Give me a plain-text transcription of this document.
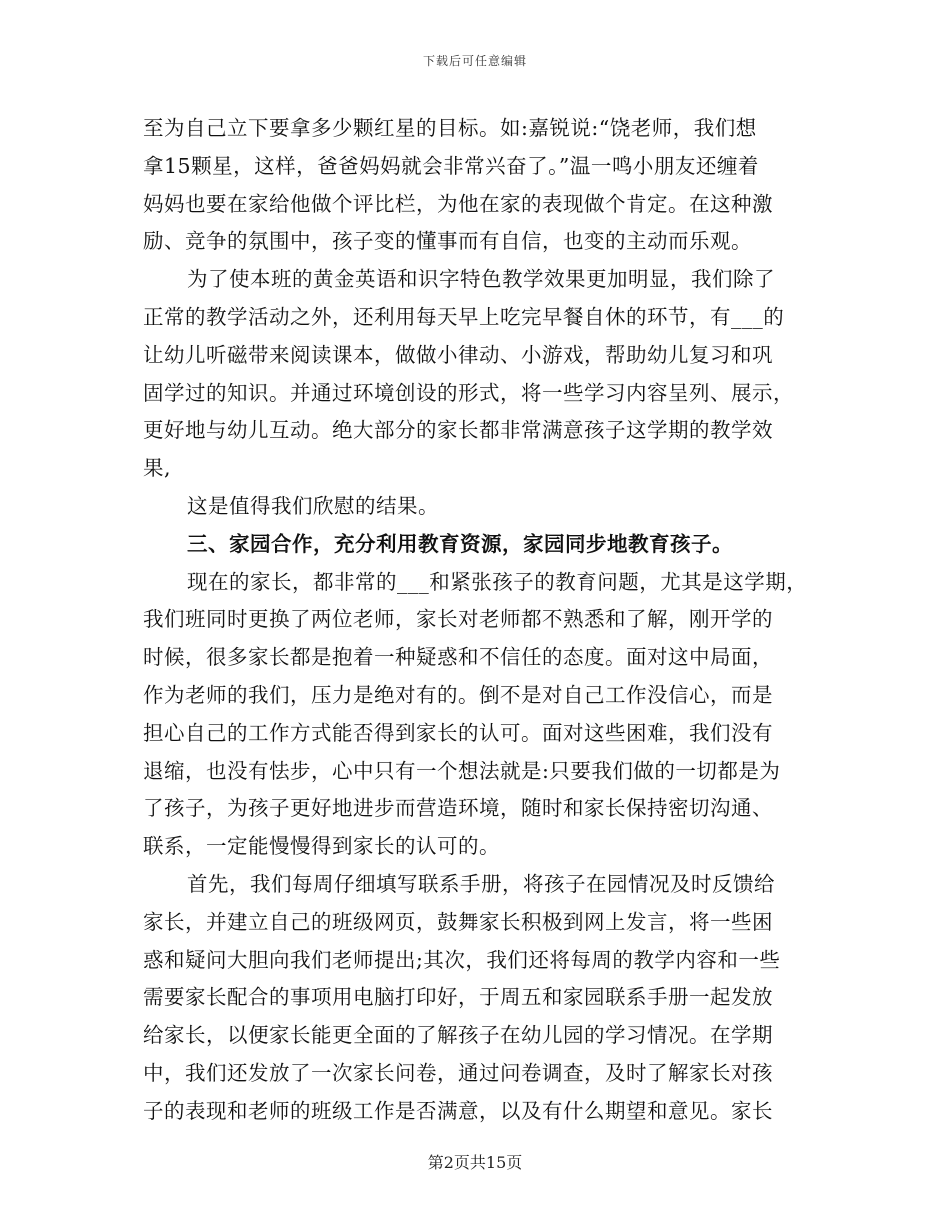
下载后可任意编辑
至为自己立下要拿多少颗红星的目标。如:嘉锐说:“饶老师，我们想
拿15颗星，这样，爸爸妈妈就会非常兴奋了。”温一鸣小朋友还缠着
妈妈也要在家给他做个评比栏，为他在家的表现做个肯定。在这种激
励、竞争的氛围中，孩子变的懂事而有自信，也变的主动而乐观。
为了使本班的黄金英语和识字特色教学效果更加明显，我们除了
正常的教学活动之外，还利用每天早上吃完早餐自休的环节，有___的
让幼儿听磁带来阅读课本，做做小律动、小游戏，帮助幼儿复习和巩
固学过的知识。并通过环境创设的形式，将一些学习内容呈列、展示，
更好地与幼儿互动。绝大部分的家长都非常满意孩子这学期的教学效
果,
这是值得我们欣慰的结果。
三、家园合作，充分利用教育资源，家园同步地教育孩子。
现在的家长，都非常的___和紧张孩子的教育问题，尤其是这学期，
我们班同时更换了两位老师，家长对老师都不熟悉和了解，刚开学的
时候，很多家长都是抱着一种疑惑和不信任的态度。面对这中局面，
作为老师的我们，压力是绝对有的。倒不是对自己工作没信心，而是
担心自己的工作方式能否得到家长的认可。面对这些困难，我们没有
退缩，也没有怯步，心中只有一个想法就是:只要我们做的一切都是为
了孩子，为孩子更好地进步而营造环境，随时和家长保持密切沟通、
联系，一定能慢慢得到家长的认可的。
首先，我们每周仔细填写联系手册，将孩子在园情况及时反馈给
家长，并建立自己的班级网页，鼓舞家长积极到网上发言，将一些困
惑和疑问大胆向我们老师提出;其次，我们还将每周的教学内容和一些
需要家长配合的事项用电脑打印好，于周五和家园联系手册一起发放
给家长，以便家长能更全面的了解孩子在幼儿园的学习情况。在学期
中，我们还发放了一次家长问卷，通过问卷调查，及时了解家长对孩
子的表现和老师的班级工作是否满意，以及有什么期望和意见。家长
第2页共15页
